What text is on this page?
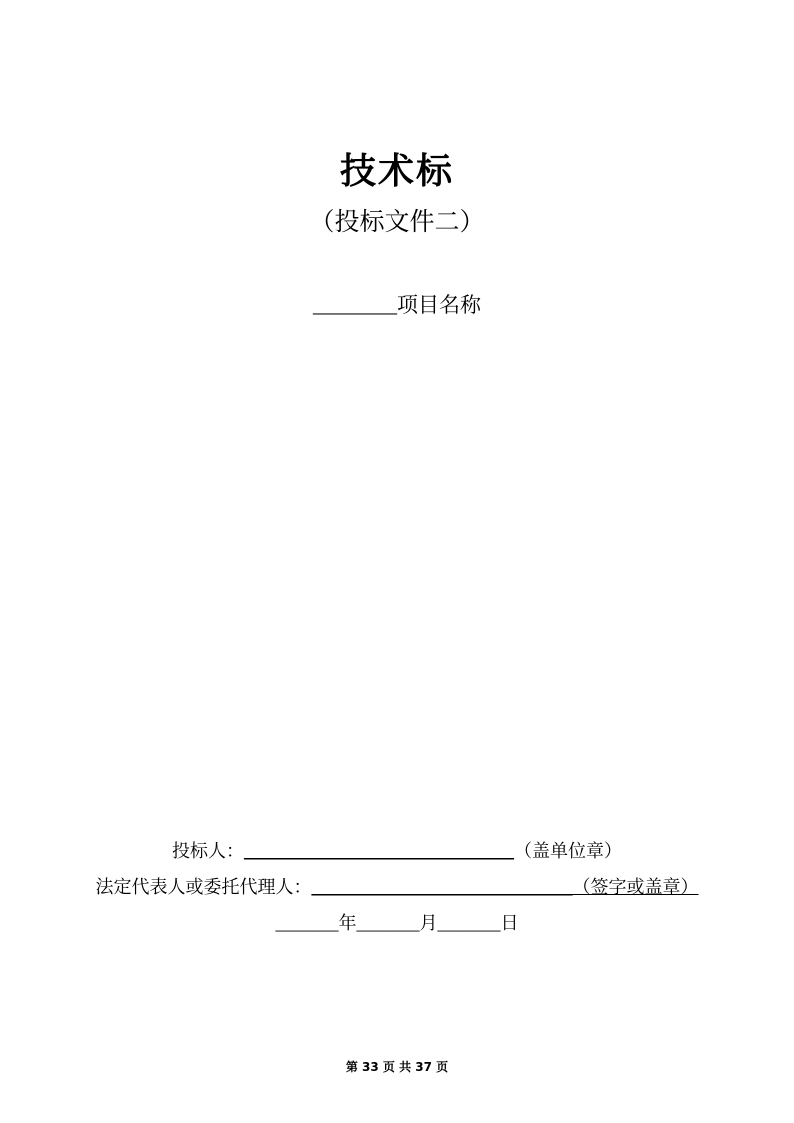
技术标
（投标文件二）
________项目名称
投标人：______________________________（盖单位章）
法定代表人或委托代理人：_____________________________（签字或盖章）
_______年_______月_______日
第 33 页 共 37 页
